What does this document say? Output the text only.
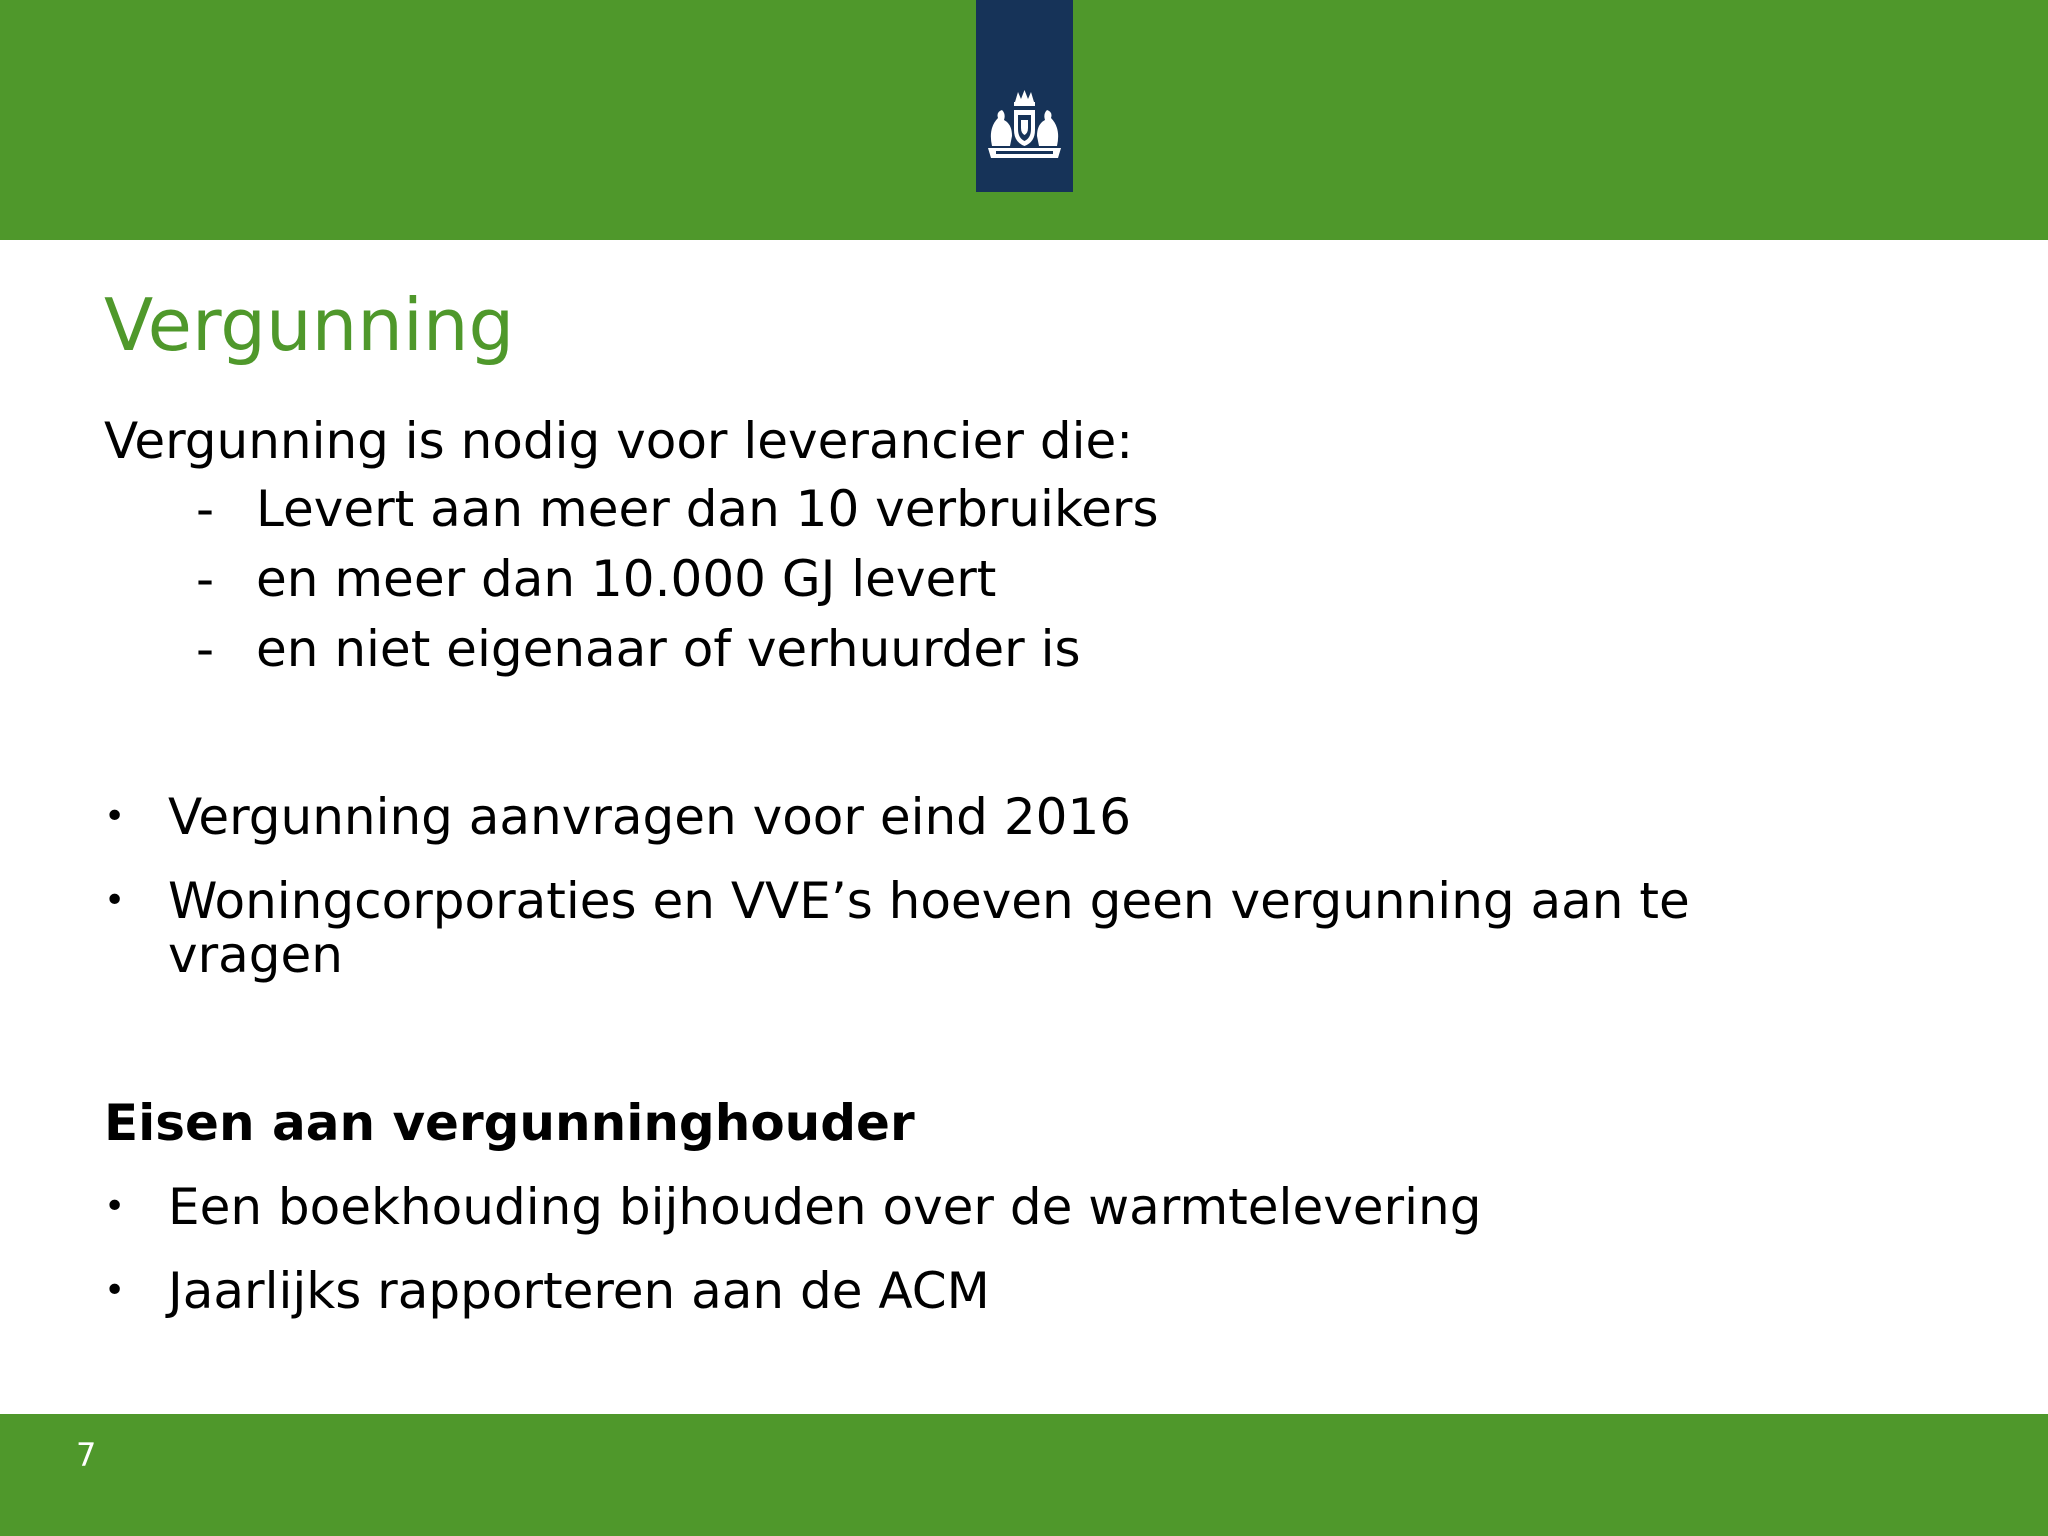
Vergunning
Vergunning is nodig voor leverancier die:
- Levert aan meer dan 10 verbruikers
- en meer dan 10.000 GJ levert
- en niet eigenaar of verhuurder is
• Vergunning aanvragen voor eind 2016
• Woningcorporaties en VVE’s hoeven geen vergunning aan te vragen
Eisen aan vergunninghouder
• Een boekhouding bijhouden over de warmtelevering
• Jaarlijks rapporteren aan de ACM
7
